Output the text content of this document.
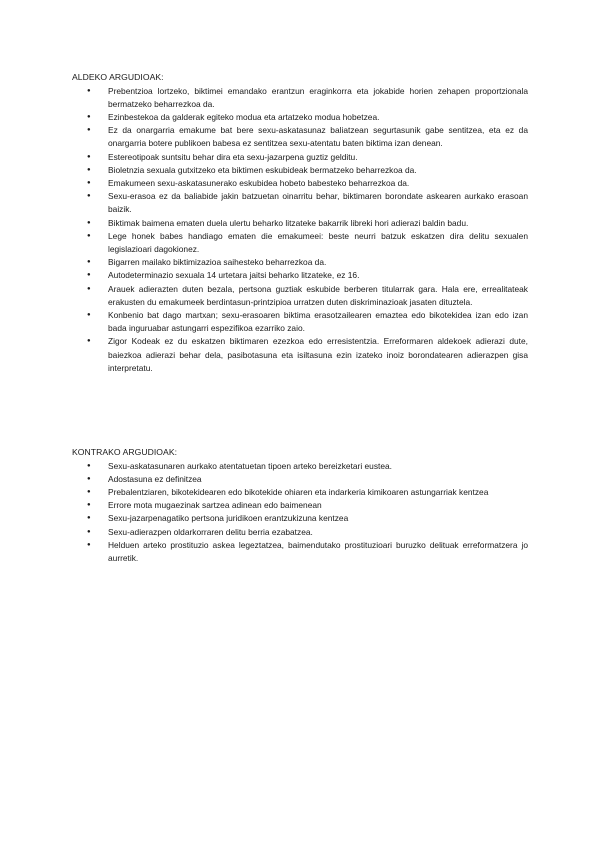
ALDEKO ARGUDIOAK:
● Prebentzioa lortzeko, biktimei emandako erantzun eraginkorra eta jokabide horien zehapen proportzionala bermatzeko beharrezkoa da.
● Ezinbestekoa da galderak egiteko modua eta artatzeko modua hobetzea.
● Ez da onargarria emakume bat bere sexu-askatasunaz baliatzean segurtasunik gabe sentitzea, eta ez da onargarria botere publikoen babesa ez sentitzea sexu-atentatu baten biktima izan denean.
● Estereotipoak suntsitu behar dira eta sexu-jazarpena guztiz gelditu.
● Bioletnzia sexuala gutxitzeko eta biktimen eskubideak bermatzeko beharrezkoa da.
● Emakumeen sexu-askatasunerako eskubidea hobeto babesteko beharrezkoa da.
● Sexu-erasoa ez da baliabide jakin batzuetan oinarritu behar, biktimaren borondate askearen aurkako erasoan baizik.
● Biktimak baimena ematen duela ulertu beharko litzateke bakarrik libreki hori adierazi baldin badu.
● Lege honek babes handiago ematen die emakumeei: beste neurri batzuk eskatzen dira delitu sexualen legislazioari dagokionez.
● Bigarren mailako biktimizazioa saihesteko beharrezkoa da.
● Autodeterminazio sexuala 14 urtetara jaitsi beharko litzateke, ez 16.
● Arauek adierazten duten bezala, pertsona guztiak eskubide berberen titularrak gara. Hala ere, errealitateak erakusten du emakumeek berdintasun-printzipioa urratzen duten diskriminazioak jasaten dituztela.
● Konbenio bat dago martxan; sexu-erasoaren biktima erasotzailearen emaztea edo bikotekidea izan edo izan bada inguruabar astungarri espezifikoa ezarriko zaio.
● Zigor Kodeak ez du eskatzen biktimaren ezezkoa edo erresistentzia. Erreformaren aldekoek adierazi dute, baiezkoa adierazi behar dela, pasibotasuna eta isiltasuna ezin izateko inoiz borondatearen adierazpen gisa interpretatu.
KONTRAKO ARGUDIOAK:
● Sexu-askatasunaren aurkako atentatuetan tipoen arteko bereizketari eustea.
● Adostasuna ez definitzea
● Prebalentziaren, bikotekidearen edo bikotekide ohiaren eta indarkeria kimikoaren astungarriak kentzea
● Errore mota mugaezinak sartzea adinean edo baimenean
● Sexu-jazarpenagatiko pertsona juridikoen erantzukizuna kentzea
● Sexu-adierazpen oldarkorraren delitu berria ezabatzea.
● Helduen arteko prostituzio askea legeztatzea, baimendutako prostituzioari buruzko delituak erreformatzera jo aurretik.
